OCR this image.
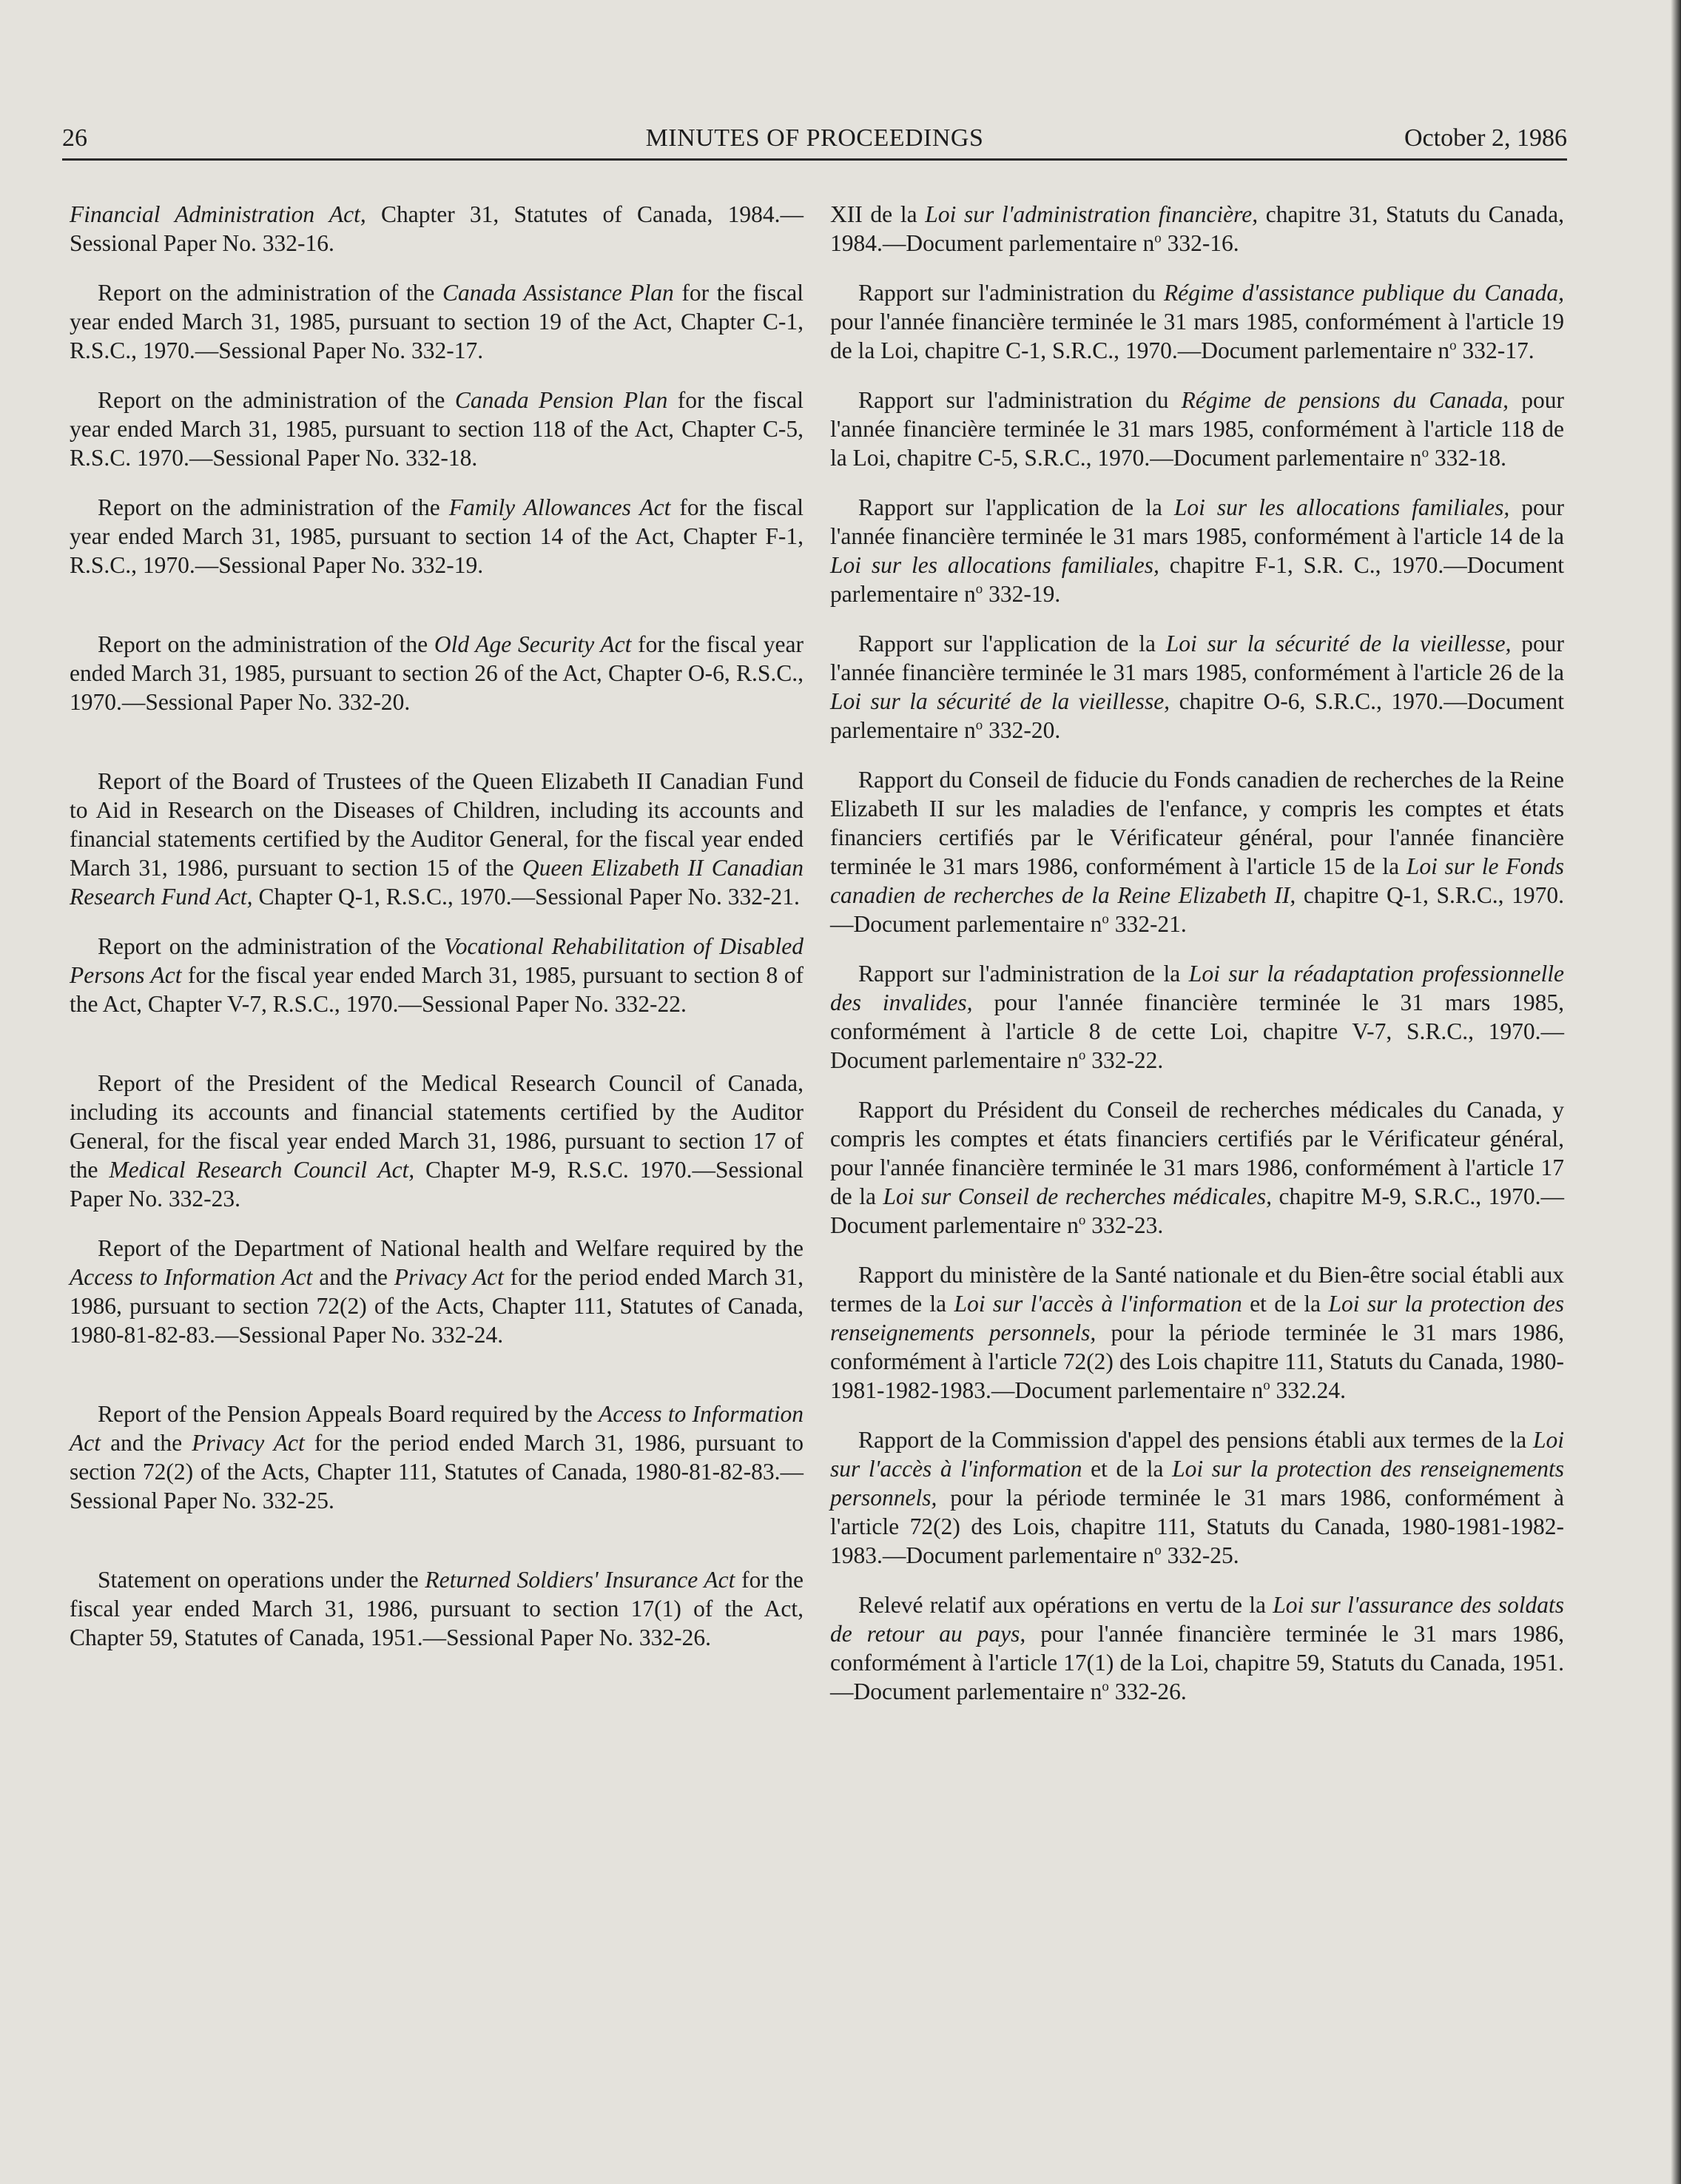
26	MINUTES OF PROCEEDINGS	October 2, 1986

Financial Administration Act, Chapter 31, Statutes of Canada, 1984.—Sessional Paper No. 332-16.

Report on the administration of the Canada Assistance Plan for the fiscal year ended March 31, 1985, pursuant to section 19 of the Act, Chapter C-1, R.S.C., 1970.—Sessional Paper No. 332-17.

Report on the administration of the Canada Pension Plan for the fiscal year ended March 31, 1985, pursuant to section 118 of the Act, Chapter C-5, R.S.C. 1970.—Sessional Paper No. 332-18.

Report on the administration of the Family Allowances Act for the fiscal year ended March 31, 1985, pursuant to section 14 of the Act, Chapter F-1, R.S.C., 1970.—Sessional Paper No. 332-19.

Report on the administration of the Old Age Security Act for the fiscal year ended March 31, 1985, pursuant to section 26 of the Act, Chapter O-6, R.S.C., 1970.—Sessional Paper No. 332-20.

Report of the Board of Trustees of the Queen Elizabeth II Canadian Fund to Aid in Research on the Diseases of Children, including its accounts and financial statements certified by the Auditor General, for the fiscal year ended March 31, 1986, pursuant to section 15 of the Queen Elizabeth II Canadian Research Fund Act, Chapter Q-1, R.S.C., 1970.—Sessional Paper No. 332-21.

Report on the administration of the Vocational Rehabilitation of Disabled Persons Act for the fiscal year ended March 31, 1985, pursuant to section 8 of the Act, Chapter V-7, R.S.C., 1970.—Sessional Paper No. 332-22.

Report of the President of the Medical Research Council of Canada, including its accounts and financial statements certified by the Auditor General, for the fiscal year ended March 31, 1986, pursuant to section 17 of the Medical Research Council Act, Chapter M-9, R.S.C. 1970.—Sessional Paper No. 332-23.

Report of the Department of National health and Welfare required by the Access to Information Act and the Privacy Act for the period ended March 31, 1986, pursuant to section 72(2) of the Acts, Chapter 111, Statutes of Canada, 1980-81-82-83.—Sessional Paper No. 332-24.

Report of the Pension Appeals Board required by the Access to Information Act and the Privacy Act for the period ended March 31, 1986, pursuant to section 72(2) of the Acts, Chapter 111, Statutes of Canada, 1980-81-82-83.—Sessional Paper No. 332-25.

Statement on operations under the Returned Soldiers' Insurance Act for the fiscal year ended March 31, 1986, pursuant to section 17(1) of the Act, Chapter 59, Statutes of Canada, 1951.—Sessional Paper No. 332-26.

XII de la Loi sur l'administration financière, chapitre 31, Statuts du Canada, 1984.—Document parlementaire $n^o$ 332-16.

Rapport sur l'administration du Régime d'assistance publique du Canada, pour l'année financière terminée le 31 mars 1985, conformément à l'article 19 de la Loi, chapitre C-1, S.R.C., 1970.—Document parlementaire $n^o$ 332-17.

Rapport sur l'administration du Régime de pensions du Canada, pour l'année financière terminée le 31 mars 1985, conformément à l'article 118 de la Loi, chapitre C-5, S.R.C., 1970.—Document parlementaire $n^o$ 332-18.

Rapport sur l'application de la Loi sur les allocations familiales, pour l'année financière terminée le 31 mars 1985, conformément à l'article 14 de la Loi sur les allocations familiales, chapitre F-1, S.R. C., 1970.—Document parlementaire $n^o$ 332-19.

Rapport sur l'application de la Loi sur la sécurité de la vieillesse, pour l'année financière terminée le 31 mars 1985, conformément à l'article 26 de la Loi sur la sécurité de la vieillesse, chapitre O-6, S.R.C., 1970.—Document parlementaire $n^o$ 332-20.

Rapport du Conseil de fiducie du Fonds canadien de recherches de la Reine Elizabeth II sur les maladies de l'enfance, y compris les comptes et états financiers certifiés par le Vérificateur général, pour l'année financière terminée le 31 mars 1986, conformément à l'article 15 de la Loi sur le Fonds canadien de recherches de la Reine Elizabeth II, chapitre Q-1, S.R.C., 1970.—Document parlementaire $n^o$ 332-21.

Rapport sur l'administration de la Loi sur la réadaptation professionnelle des invalides, pour l'année financière terminée le 31 mars 1985, conformément à l'article 8 de cette Loi, chapitre V-7, S.R.C., 1970.—Document parlementaire $n^o$ 332-22.

Rapport du Président du Conseil de recherches médicales du Canada, y compris les comptes et états financiers certifiés par le Vérificateur général, pour l'année financière terminée le 31 mars 1986, conformément à l'article 17 de la Loi sur Conseil de recherches médicales, chapitre M-9, S.R.C., 1970.—Document parlementaire $n^o$ 332-23.

Rapport du ministère de la Santé nationale et du Bien-être social établi aux termes de la Loi sur l'accès à l'information et de la Loi sur la protection des renseignements personnels, pour la période terminée le 31 mars 1986, conformément à l'article 72(2) des Lois chapitre 111, Statuts du Canada, 1980-1981-1982-1983.—Document parlementaire $n^o$ 332.24.

Rapport de la Commission d'appel des pensions établi aux termes de la Loi sur l'accès à l'information et de la Loi sur la protection des renseignements personnels, pour la période terminée le 31 mars 1986, conformément à l'article 72(2) des Lois, chapitre 111, Statuts du Canada, 1980-1981-1982-1983.—Document parlementaire $n^o$ 332-25.

Relevé relatif aux opérations en vertu de la Loi sur l'assurance des soldats de retour au pays, pour l'année financière terminée le 31 mars 1986, conformément à l'article 17(1) de la Loi, chapitre 59, Statuts du Canada, 1951.—Document parlementaire $n^o$ 332-26.
